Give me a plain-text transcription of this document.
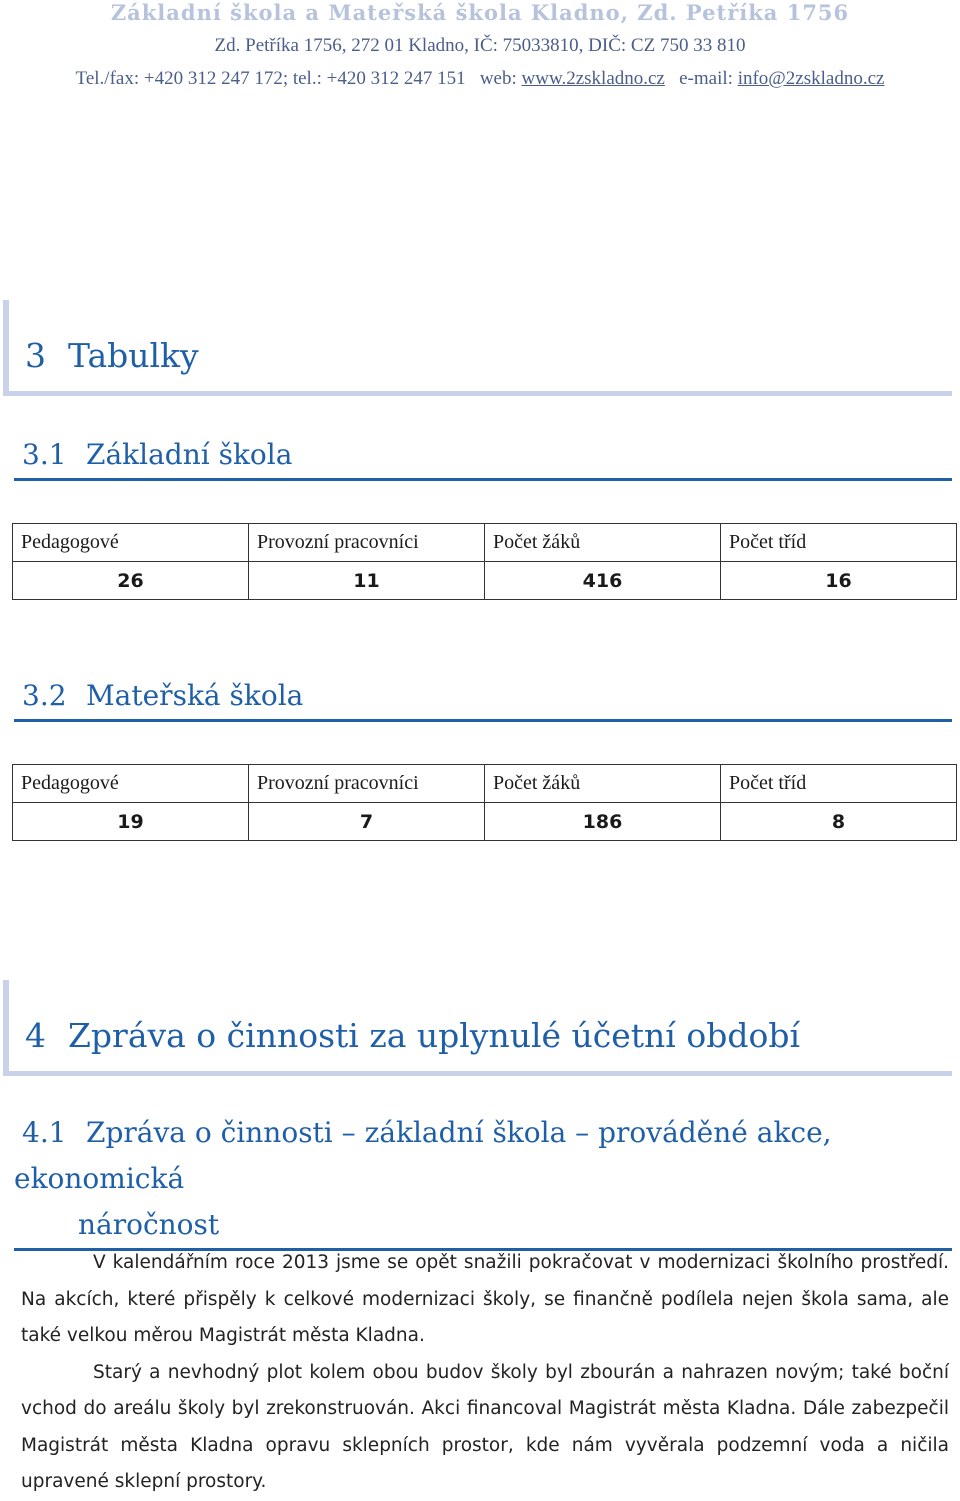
Základní škola a Mateřská škola Kladno, Zd. Petříka 1756
Zd. Petříka 1756, 272 01 Kladno, IČ: 75033810, DIČ: CZ 750 33 810
Tel./fax: +420 312 247 172; tel.: +420 312 247 151   web: www.2zskladno.cz   e-mail: info@2zskladno.cz
3 Tabulky
3.1 Základní škola
Pedagogové	Provozní pracovníci	Počet žáků	Počet tříd
26	11	416	16
3.2 Mateřská škola
Pedagogové	Provozní pracovníci	Počet žáků	Počet tříd
19	7	186	8
4 Zpráva o činnosti za uplynulé účetní období
4.1 Zpráva o činnosti – základní škola – prováděné akce, ekonomická
náročnost

V kalendářním roce 2013 jsme se opět snažili pokračovat v modernizaci školního prostředí. Na akcích, které přispěly k celkové modernizaci školy, se finančně podílela nejen škola sama, ale také velkou měrou Magistrát města Kladna.

Starý a nevhodný plot kolem obou budov školy byl zbourán a nahrazen novým; také boční vchod do areálu školy byl zrekonstruován. Akci financoval Magistrát města Kladna. Dále zabezpečil Magistrát města Kladna opravu sklepních prostor, kde nám vyvěrala podzemní voda a ničila upravené sklepní prostory.
